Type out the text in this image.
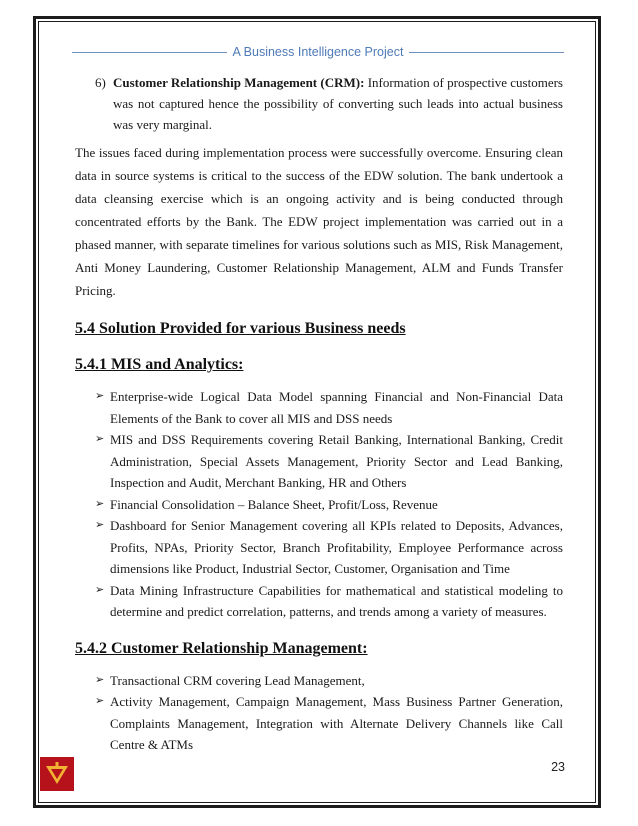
A Business Intelligence Project
6) Customer Relationship Management (CRM): Information of prospective customers was not captured hence the possibility of converting such leads into actual business was very marginal.
The issues faced during implementation process were successfully overcome. Ensuring clean data in source systems is critical to the success of the EDW solution. The bank undertook a data cleansing exercise which is an ongoing activity and is being conducted through concentrated efforts by the Bank. The EDW project implementation was carried out in a phased manner, with separate timelines for various solutions such as MIS, Risk Management, Anti Money Laundering, Customer Relationship Management, ALM and Funds Transfer Pricing.
5.4 Solution Provided for various Business needs
5.4.1 MIS and Analytics:
➢ Enterprise-wide Logical Data Model spanning Financial and Non-Financial Data Elements of the Bank to cover all MIS and DSS needs
➢ MIS and DSS Requirements covering Retail Banking, International Banking, Credit Administration, Special Assets Management, Priority Sector and Lead Banking, Inspection and Audit, Merchant Banking, HR and Others
➢ Financial Consolidation – Balance Sheet, Profit/Loss, Revenue
➢ Dashboard for Senior Management covering all KPIs related to Deposits, Advances, Profits, NPAs, Priority Sector, Branch Profitability, Employee Performance across dimensions like Product, Industrial Sector, Customer, Organisation and Time
➢ Data Mining Infrastructure Capabilities for mathematical and statistical modeling to determine and predict correlation, patterns, and trends among a variety of measures.
5.4.2 Customer Relationship Management:
➢ Transactional CRM covering Lead Management,
➢ Activity Management, Campaign Management, Mass Business Partner Generation, Complaints Management, Integration with Alternate Delivery Channels like Call Centre & ATMs
23
